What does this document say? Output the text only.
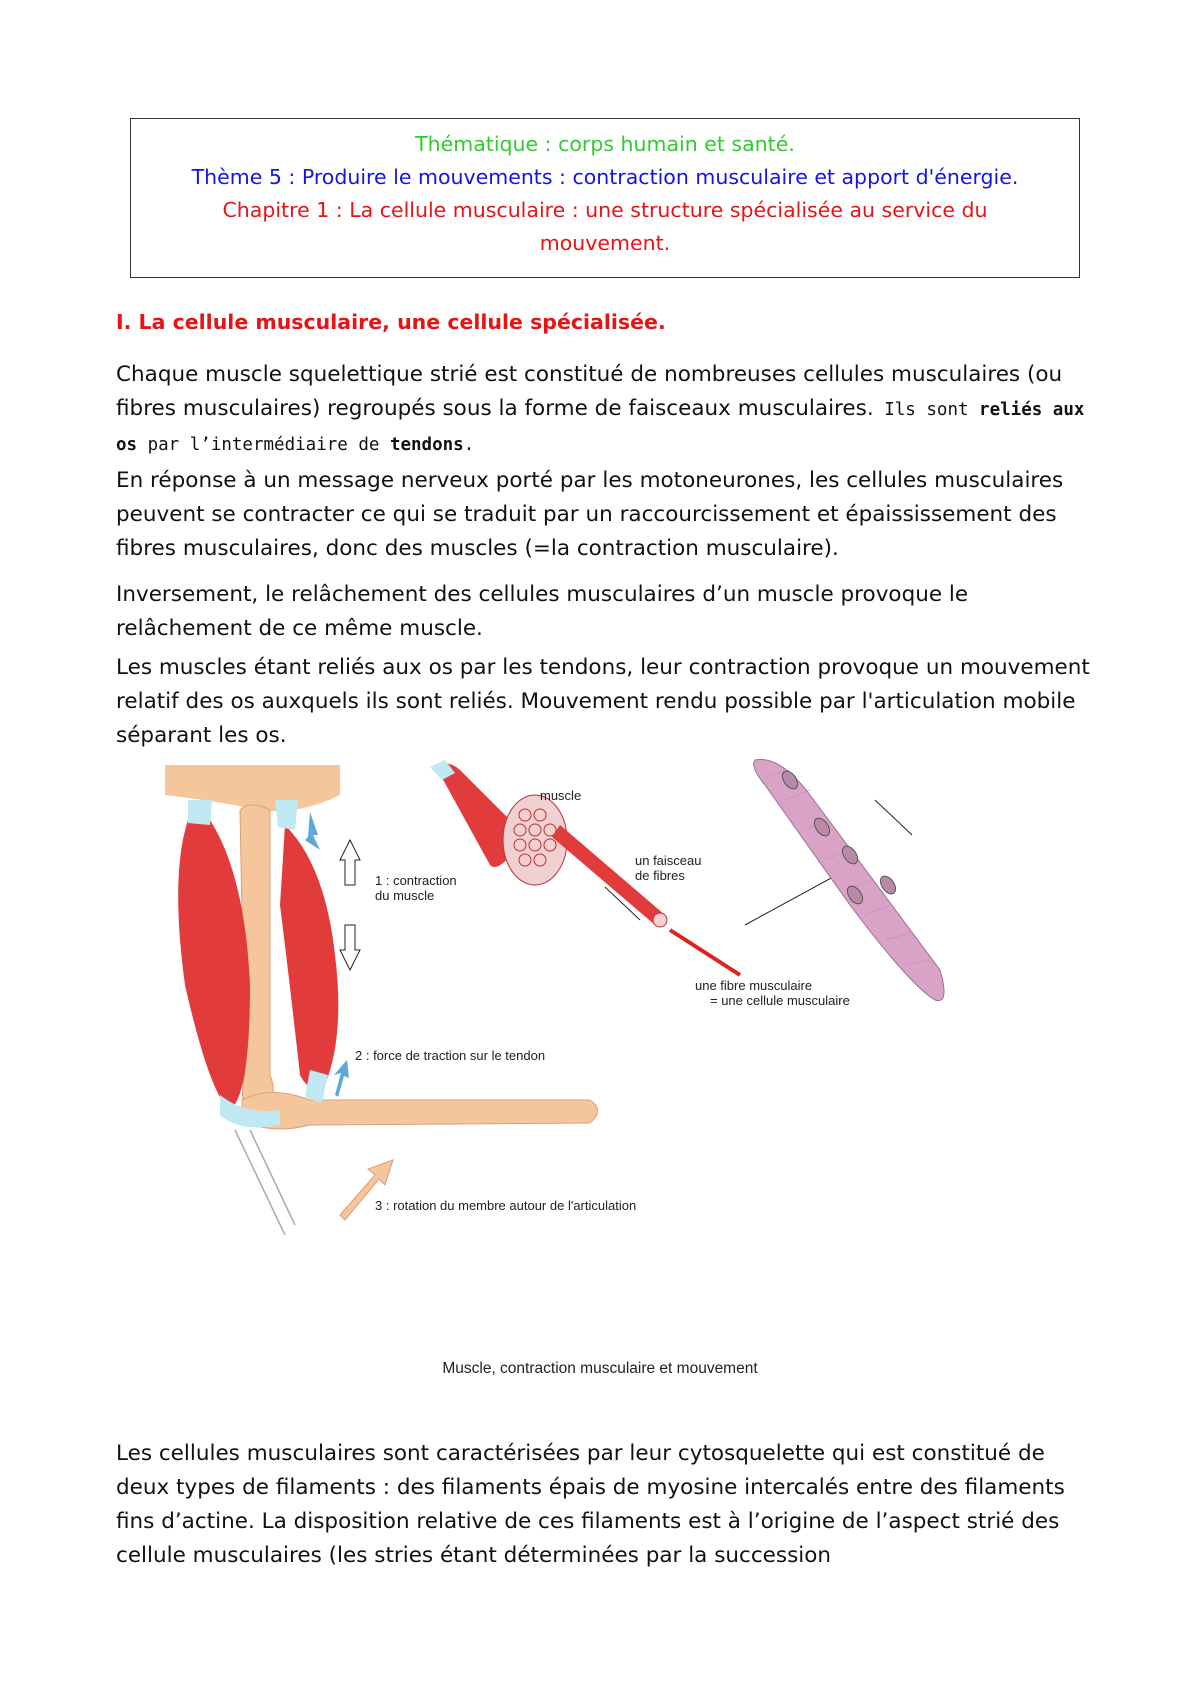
Thématique : corps humain et santé.
Thème 5 : Produire le mouvements : contraction musculaire et apport d'énergie.
Chapitre 1 : La cellule musculaire : une structure spécialisée au service du
mouvement.
I. La cellule musculaire, une cellule spécialisée.
Chaque muscle squelettique strié est constitué de nombreuses cellules musculaires (ou fibres musculaires) regroupés sous la forme de faisceaux musculaires. Ils sont reliés aux os par l’intermédiaire de tendons.
En réponse à un message nerveux porté par les motoneurones, les cellules musculaires peuvent se contracter ce qui se traduit par un raccourcissement et épaississement des fibres musculaires, donc des muscles (=la contraction musculaire).
Inversement, le relâchement des cellules musculaires d’un muscle provoque le relâchement de ce même muscle.
Les muscles étant reliés aux os par les tendons, leur contraction provoque un mouvement relatif des os auxquels ils sont reliés. Mouvement rendu possible par l'articulation mobile séparant les os.
1 : contraction
du muscle
2 : force de traction sur le tendon
3 : rotation du membre autour de l'articulation
muscle
un faisceau
de fibres
une fibre musculaire
= une cellule musculaire
Muscle, contraction musculaire et mouvement
Les cellules musculaires sont caractérisées par leur cytosquelette qui est constitué de deux types de filaments : des filaments épais de myosine intercalés entre des filaments fins d’actine. La disposition relative de ces filaments est à l’origine de l’aspect strié des cellule musculaires (les stries étant déterminées par la succession
